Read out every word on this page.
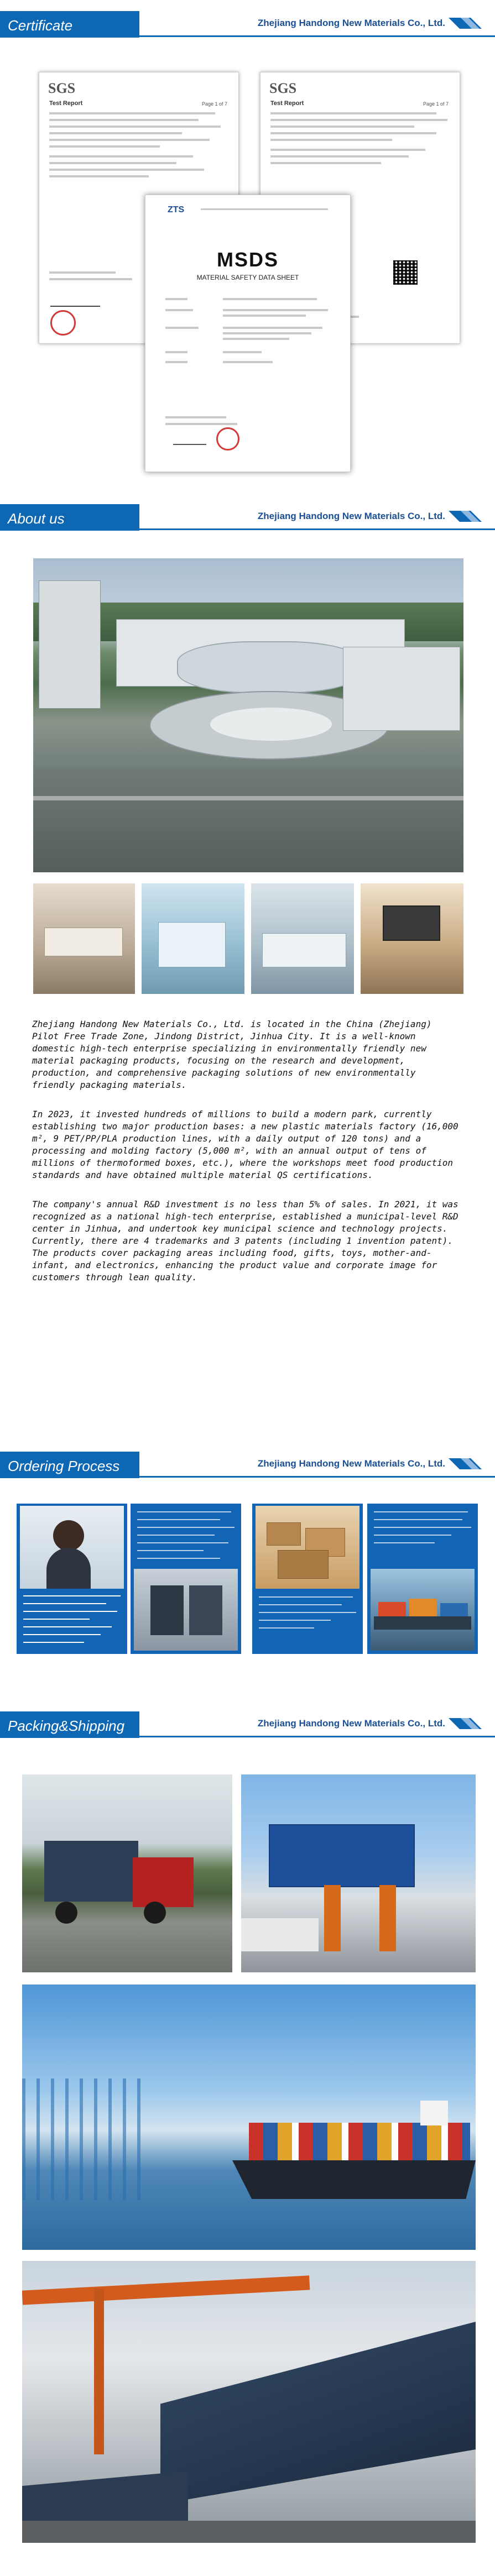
Certificate	Zhejiang Handong New Materials Co., Ltd.
SGS
Test Report	Page 1 of 7
SGS
Test Report	Page 1 of 7
ZTS
MSDS
MATERIAL SAFETY DATA SHEET
About us	Zhejiang Handong New Materials Co., Ltd.

Zhejiang Handong New Materials Co., Ltd. is located in the China (Zhejiang) Pilot Free Trade Zone, Jindong District, Jinhua City. It is a well-known domestic high-tech enterprise specializing in environmentally friendly new material packaging products, focusing on the research and development, production, and comprehensive packaging solutions of new environmentally friendly packaging materials.

In 2023, it invested hundreds of millions to build a modern park, currently establishing two major production bases: a new plastic materials factory (16,000 m², 9 PET/PP/PLA production lines, with a daily output of 120 tons) and a processing and molding factory (5,000 m², with an annual output of tens of millions of thermoformed boxes, etc.), where the workshops meet food production standards and have obtained multiple material QS certifications.

The company's annual R&D investment is no less than 5% of sales. In 2021, it was recognized as a national high-tech enterprise, established a municipal-level R&D center in Jinhua, and undertook key municipal science and technology projects. Currently, there are 4 trademarks and 3 patents (including 1 invention patent). The products cover packaging areas including food, gifts, toys, mother-and-infant, and electronics, enhancing the product value and corporate image for customers through lean quality.

Ordering Process	Zhejiang Handong New Materials Co., Ltd.
Packing&Shipping	Zhejiang Handong New Materials Co., Ltd.
